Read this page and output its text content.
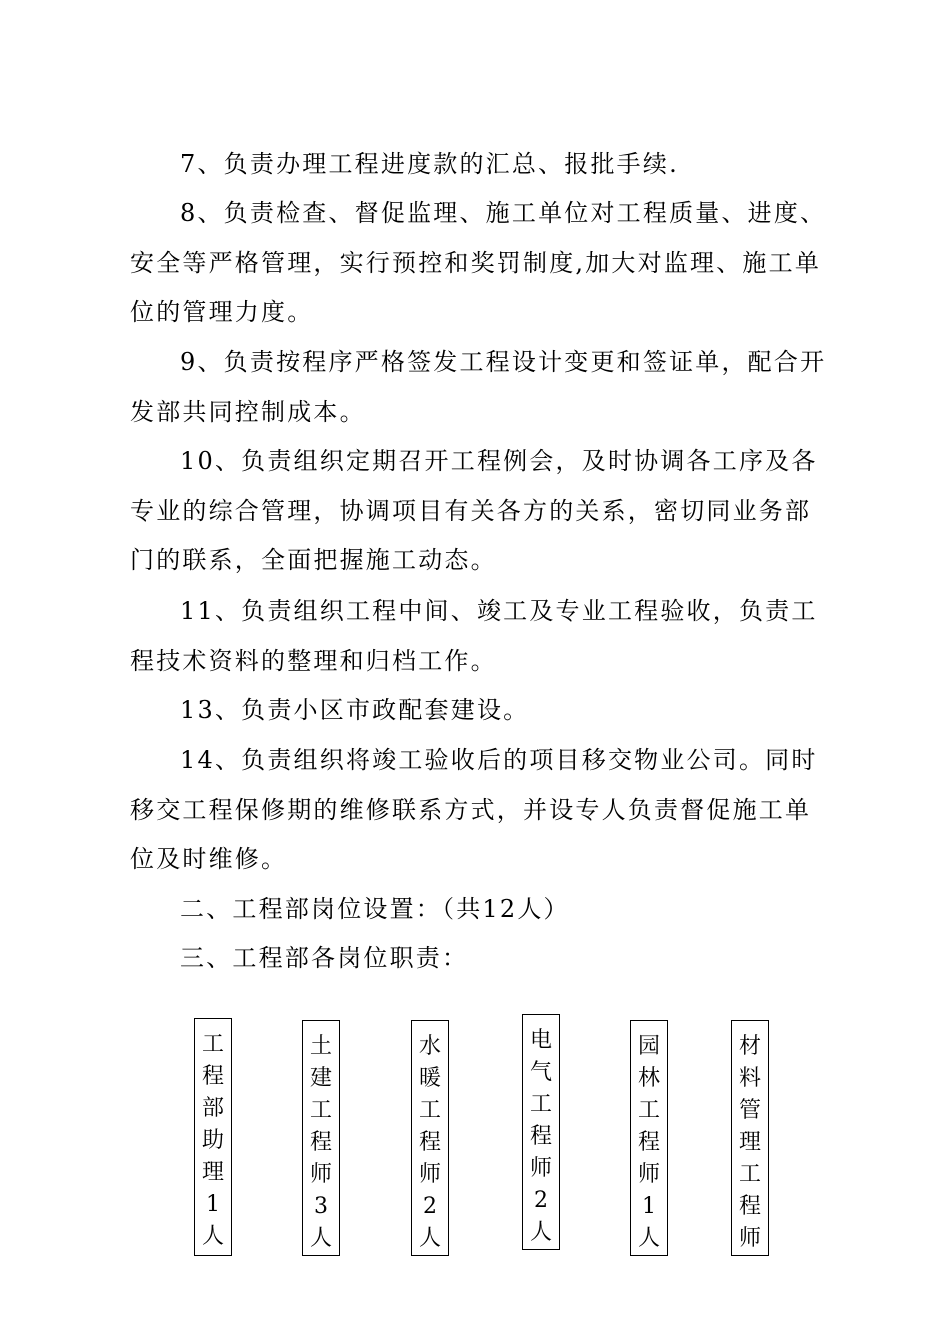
7、负责办理工程进度款的汇总、报批手续.

8、负责检查、督促监理、施工单位对工程质量、进度、安全等严格管理，实行预控和奖罚制度,加大对监理、施工单位的管理力度。

9、负责按程序严格签发工程设计变更和签证单，配合开发部共同控制成本。

10、负责组织定期召开工程例会，及时协调各工序及各专业的综合管理，协调项目有关各方的关系，密切同业务部门的联系，全面把握施工动态。

11、负责组织工程中间、竣工及专业工程验收，负责工程技术资料的整理和归档工作。

13、负责小区市政配套建设。

14、负责组织将竣工验收后的项目移交物业公司。同时移交工程保修期的维修联系方式，并设专人负责督促施工单位及时维修。

二、工程部岗位设置：（共12人）

三、工程部各岗位职责：

工
程
部
助
理
1
人
土
建
工
程
师
3
人
水
暖
工
程
师
2
人
电
气
工
程
师
2
人
园
林
工
程
师
1
人
材
料
管
理
工
程
师
